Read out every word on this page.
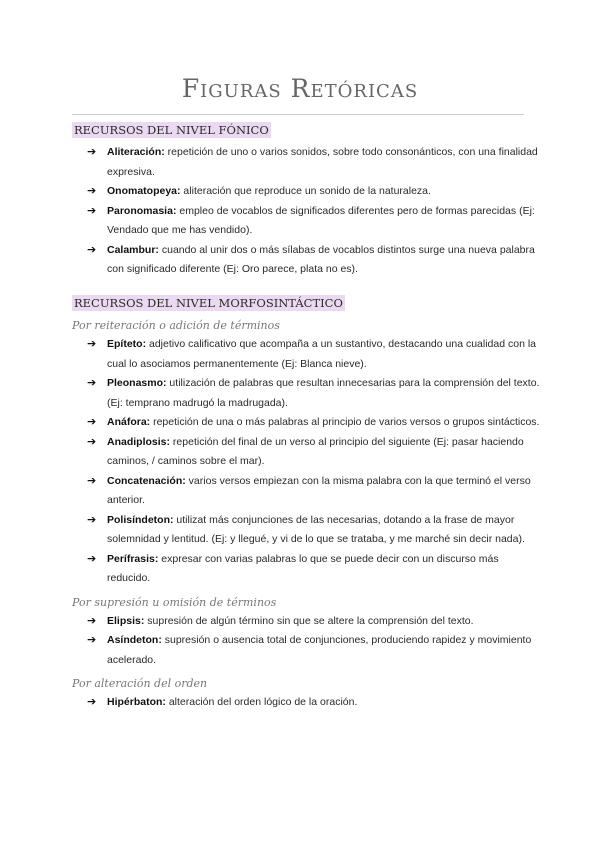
Figuras Retóricas
RECURSOS DEL NIVEL FÓNICO
➔ Aliteración: repetición de uno o varios sonidos, sobre todo consonánticos, con una finalidad expresiva.
➔ Onomatopeya: aliteración que reproduce un sonido de la naturaleza.
➔ Paronomasia: empleo de vocablos de significados diferentes pero de formas parecidas (Ej: Vendado que me has vendido).
➔ Calambur: cuando al unir dos o más sílabas de vocablos distintos surge una nueva palabra con significado diferente (Ej: Oro parece, plata no es).
RECURSOS DEL NIVEL MORFOSINTÁCTICO
Por reiteración o adición de términos
➔ Epíteto: adjetivo calificativo que acompaña a un sustantivo, destacando una cualidad con la cual lo asociamos permanentemente (Ej: Blanca nieve).
➔ Pleonasmo: utilización de palabras que resultan innecesarias para la comprensión del texto. (Ej: temprano madrugó la madrugada).
➔ Anáfora: repetición de una o más palabras al principio de varios versos o grupos sintácticos.
➔ Anadiplosis: repetición del final de un verso al principio del siguiente (Ej: pasar haciendo caminos, / caminos sobre el mar).
➔ Concatenación: varios versos empiezan con la misma palabra con la que terminó el verso anterior.
➔ Polisíndeton: utilizat más conjunciones de las necesarias, dotando a la frase de mayor solemnidad y lentitud. (Ej: y llegué, y vi de lo que se trataba, y me marché sin decir nada).
➔ Perífrasis: expresar con varias palabras lo que se puede decir con un discurso más reducido.
Por supresión u omisión de términos
➔ Elipsis: supresión de algún término sin que se altere la comprensión del texto.
➔ Asíndeton: supresión o ausencia total de conjunciones, produciendo rapidez y movimiento acelerado.
Por alteración del orden
➔ Hipérbaton: alteración del orden lógico de la oración.
